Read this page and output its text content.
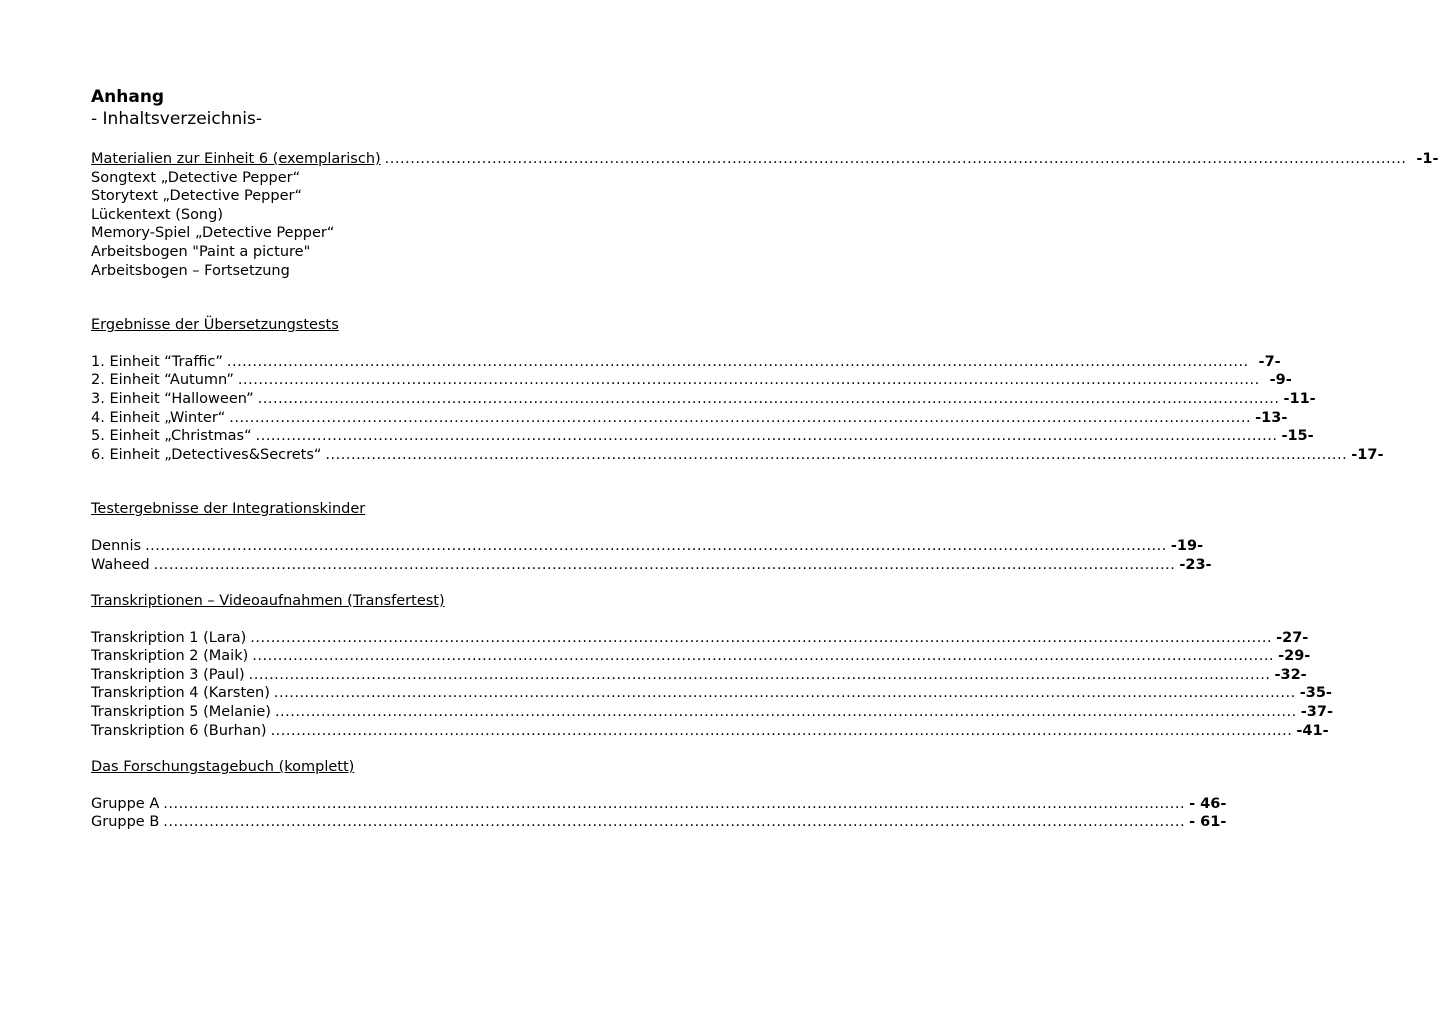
Anhang
- Inhaltsverzeichnis-
Materialien zur Einheit 6 (exemplarisch) ........................................................................................................................................................................................................ -1-
Songtext „Detective Pepper“
Storytext „Detective Pepper“
Lückentext (Song)
Memory-Spiel „Detective Pepper“
Arbeitsbogen "Paint a picture"
Arbeitsbogen – Fortsetzung
Ergebnisse der Übersetzungstests
1. Einheit “Traffic” ........................................................................................................................................................................................................ -7-
2. Einheit “Autumn” ........................................................................................................................................................................................................ -9-
3. Einheit “Halloween” ........................................................................................................................................................................................................ -11-
4. Einheit „Winter“ ........................................................................................................................................................................................................ -13-
5. Einheit „Christmas“ ........................................................................................................................................................................................................ -15-
6. Einheit „Detectives&Secrets“ ........................................................................................................................................................................................................ -17-
Testergebnisse der Integrationskinder
Dennis ........................................................................................................................................................................................................ -19-
Waheed ........................................................................................................................................................................................................ -23-
Transkriptionen – Videoaufnahmen (Transfertest)
Transkription 1 (Lara) ........................................................................................................................................................................................................ -27-
Transkription 2 (Maik) ........................................................................................................................................................................................................ -29-
Transkription 3 (Paul) ........................................................................................................................................................................................................ -32-
Transkription 4 (Karsten) ........................................................................................................................................................................................................ -35-
Transkription 5 (Melanie) ........................................................................................................................................................................................................ -37-
Transkription 6 (Burhan) ........................................................................................................................................................................................................ -41-
Das Forschungstagebuch (komplett)
Gruppe A ........................................................................................................................................................................................................ - 46-
Gruppe B ........................................................................................................................................................................................................ - 61-
